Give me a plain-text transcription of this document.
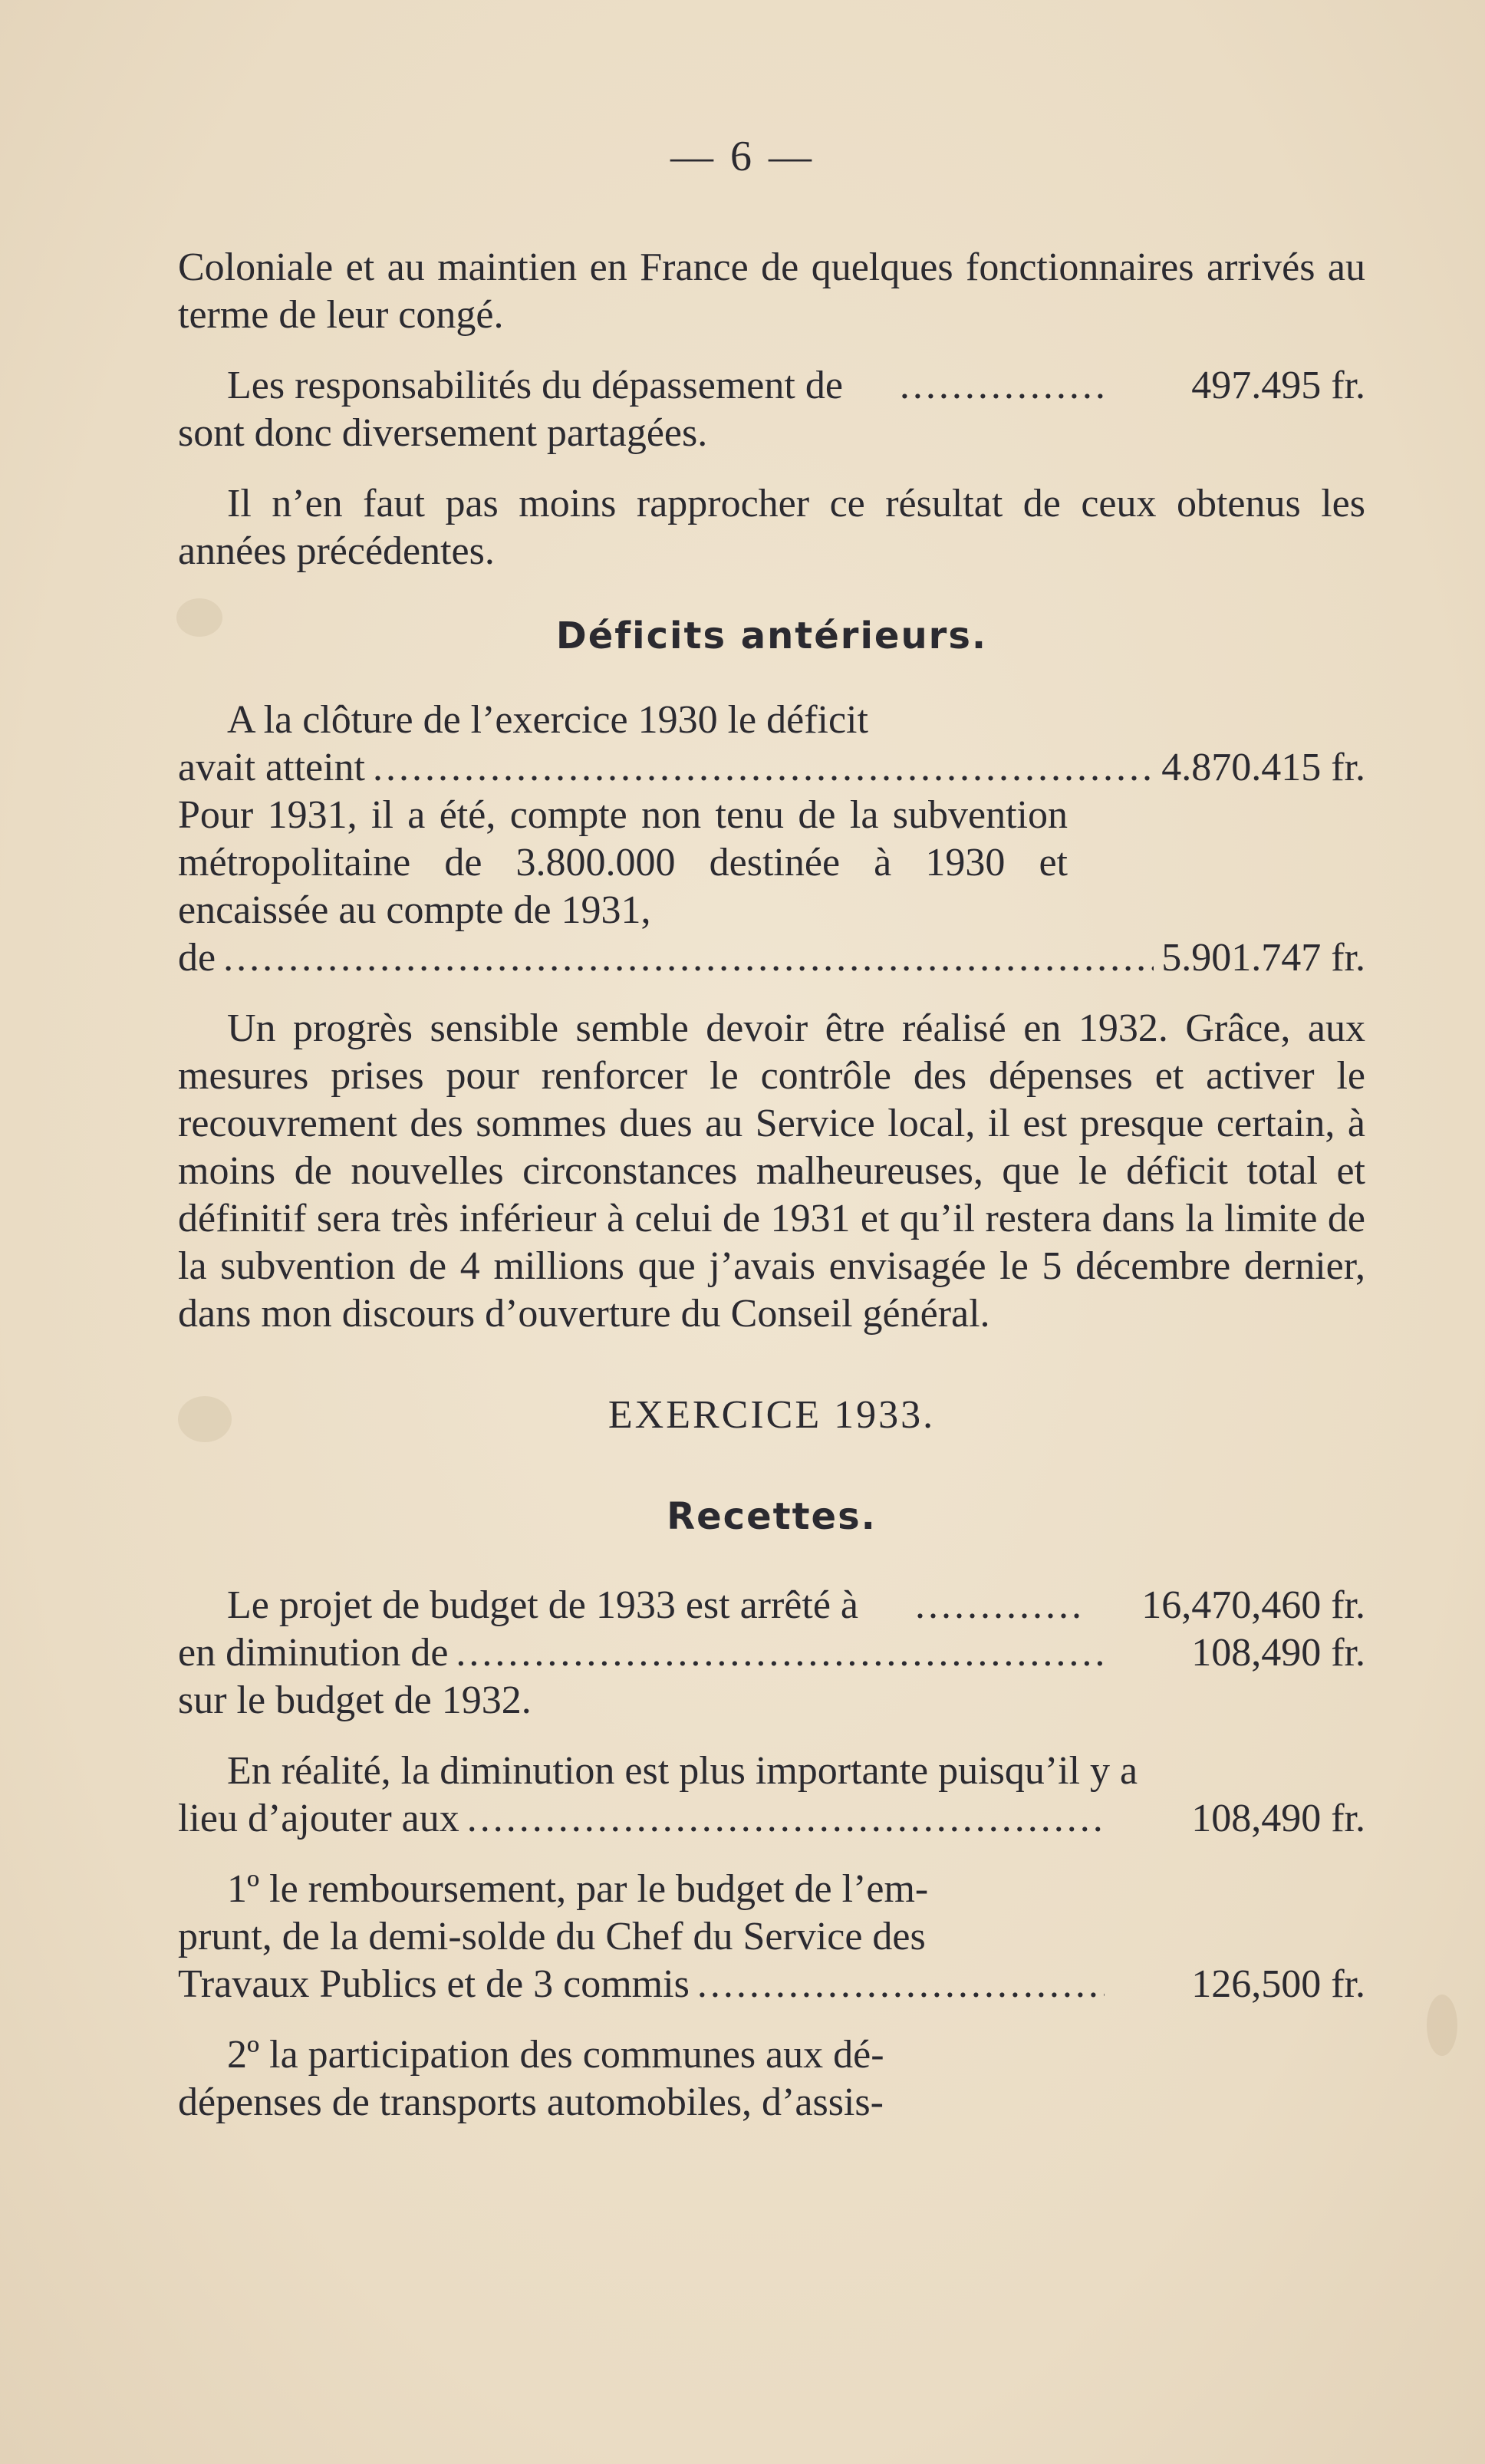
— 6 —

Coloniale et au maintien en France de quelques fonctionnaires arrivés au terme de leur congé.

Les responsabilités du dépassement de .....	497.495 fr.

sont donc diversement partagées.

Il n’en faut pas moins rapprocher ce résultat de ceux obtenus les années précédentes.

Déficits antérieurs.

A la clôture de l’exercice 1930 le déficit

avait atteint .....	4.870.415 fr.

Pour 1931, il a été, compte non tenu de la subvention métropolitaine de 3.800.000 destinée à 1930 et encaissée au compte de 1931,

de .....	5.901.747 fr.

Un progrès sensible semble devoir être réalisé en 1932. Grâce, aux mesures prises pour renforcer le contrôle des dépenses et activer le recouvrement des sommes dues au Service local, il est presque certain, à moins de nouvelles circonstances malheureuses, que le déficit total et définitif sera très inférieur à celui de 1931 et qu’il restera dans la limite de la subvention de 4 millions que j’avais envisagée le 5 décembre dernier, dans mon discours d’ouverture du Conseil général.

EXERCICE 1933.

Recettes.

Le projet de budget de 1933 est arrêté à .....	16,470,460 fr.
en diminution de .....	108,490 fr.

sur le budget de 1932.

En réalité, la diminution est plus importante puisqu’il y a

lieu d’ajouter aux .....	108,490 fr.

1º le remboursement, par le budget de l’em-

prunt, de la demi-solde du Chef du Service des

Travaux Publics et de 3 commis .....	126,500 fr.

2º la participation des communes aux dé-

dépenses de transports automobiles, d’assis-
